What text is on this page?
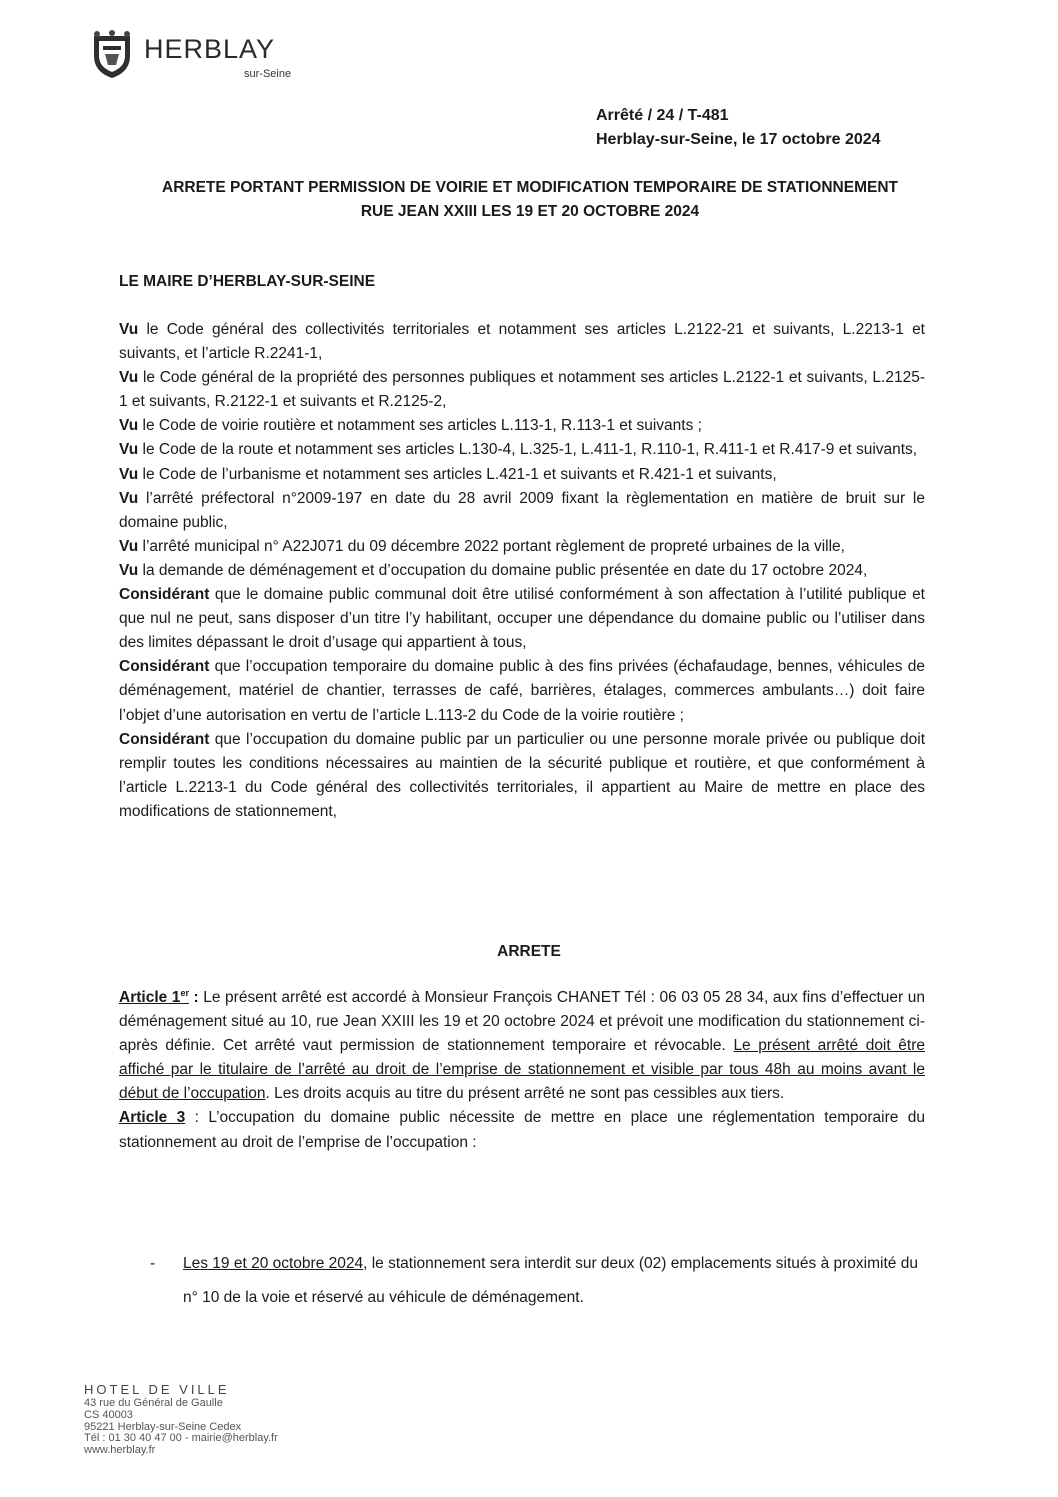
HERBLAY
sur-Seine
Arrêté / 24 / T-481
Herblay-sur-Seine, le 17 octobre 2024
ARRETE PORTANT PERMISSION DE VOIRIE ET MODIFICATION TEMPORAIRE DE STATIONNEMENT
RUE JEAN XXIII LES 19 ET 20 OCTOBRE 2024
LE MAIRE D’HERBLAY-SUR-SEINE

Vu le Code général des collectivités territoriales et notamment ses articles L.2122-21 et suivants, L.2213-1 et suivants, et l’article R.2241-1,

Vu le Code général de la propriété des personnes publiques et notamment ses articles L.2122-1 et suivants, L.2125-1 et suivants, R.2122-1 et suivants et R.2125-2,

Vu le Code de voirie routière et notamment ses articles L.113-1, R.113-1 et suivants ;

Vu le Code de la route et notamment ses articles L.130-4, L.325-1, L.411-1, R.110-1, R.411-1 et R.417-9 et suivants,

Vu le Code de l’urbanisme et notamment ses articles L.421-1 et suivants et R.421-1 et suivants,

Vu l’arrêté préfectoral n°2009-197 en date du 28 avril 2009 fixant la règlementation en matière de bruit sur le domaine public,

Vu l’arrêté municipal n° A22J071 du 09 décembre 2022 portant règlement de propreté urbaines de la ville,

Vu la demande de déménagement et d’occupation du domaine public présentée en date du 17 octobre 2024,

Considérant que le domaine public communal doit être utilisé conformément à son affectation à l’utilité publique et que nul ne peut, sans disposer d’un titre l’y habilitant, occuper une dépendance du domaine public ou l’utiliser dans des limites dépassant le droit d’usage qui appartient à tous,

Considérant que l’occupation temporaire du domaine public à des fins privées (échafaudage, bennes, véhicules de déménagement, matériel de chantier, terrasses de café, barrières, étalages, commerces ambulants…) doit faire l’objet d’une autorisation en vertu de l’article L.113-2 du Code de la voirie routière ;

Considérant que l’occupation du domaine public par un particulier ou une personne morale privée ou publique doit remplir toutes les conditions nécessaires au maintien de la sécurité publique et routière, et que conformément à l’article L.2213-1 du Code général des collectivités territoriales, il appartient au Maire de mettre en place des modifications de stationnement,

ARRETE

Article 1er : Le présent arrêté est accordé à Monsieur François CHANET Tél : 06 03 05 28 34, aux fins d’effectuer un déménagement situé au 10, rue Jean XXIII les 19 et 20 octobre 2024 et prévoit une modification du stationnement ci-après définie. Cet arrêté vaut permission de stationnement temporaire et révocable. Le présent arrêté doit être affiché par le titulaire de l’arrêté au droit de l’emprise de stationnement et visible par tous 48h au moins avant le début de l’occupation. Les droits acquis au titre du présent arrêté ne sont pas cessibles aux tiers.

Article 3 : L’occupation du domaine public nécessite de mettre en place une réglementation temporaire du stationnement au droit de l’emprise de l’occupation :

- Les 19 et 20 octobre 2024, le stationnement sera interdit sur deux (02) emplacements situés à proximité du n° 10 de la voie et réservé au véhicule de déménagement.
HOTEL DE VILLE
43 rue du Général de Gaulle
CS 40003
95221 Herblay-sur-Seine Cedex
Tél : 01 30 40 47 00 - mairie@herblay.fr
www.herblay.fr
